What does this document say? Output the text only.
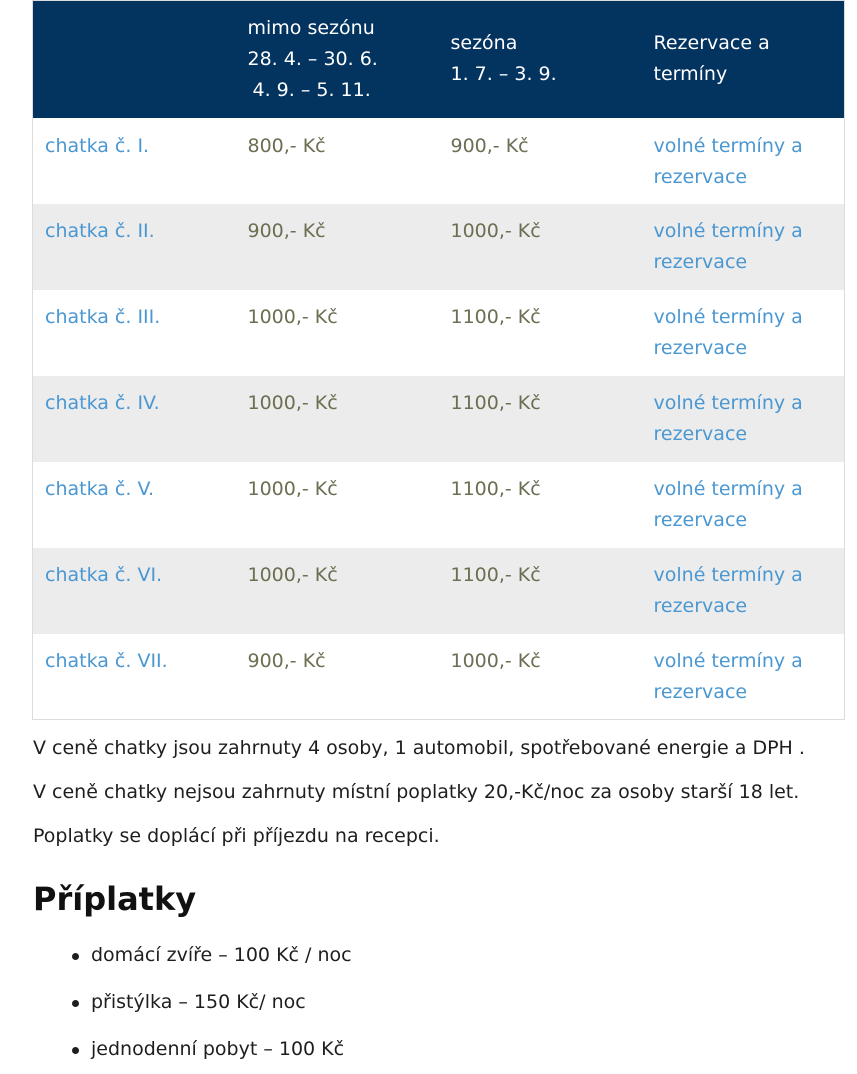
	mimo sezónu
28. 4. – 30. 6.
4. 9. – 5. 11.	sezóna
1. 7. – 3. 9.	Rezervace a
termíny

chatka č. I.	800,- Kč	900,- Kč	volné termíny a
rezervace

chatka č. II.	900,- Kč	1000,- Kč	volné termíny a
rezervace

chatka č. III.	1000,- Kč	1100,- Kč	volné termíny a
rezervace

chatka č. IV.	1000,- Kč	1100,- Kč	volné termíny a
rezervace

chatka č. V.	1000,- Kč	1100,- Kč	volné termíny a
rezervace

chatka č. VI.	1000,- Kč	1100,- Kč	volné termíny a
rezervace

chatka č. VII.	900,- Kč	1000,- Kč	volné termíny a
rezervace

V ceně chatky jsou zahrnuty 4 osoby, 1 automobil, spotřebované energie a DPH .

V ceně chatky nejsou zahrnuty místní poplatky 20,-Kč/noc za osoby starší 18 let.

Poplatky se doplácí při příjezdu na recepci.

Příplatky
domácí zvíře – 100 Kč / noc
přistýlka – 150 Kč/ noc
jednodenní pobyt – 100 Kč
